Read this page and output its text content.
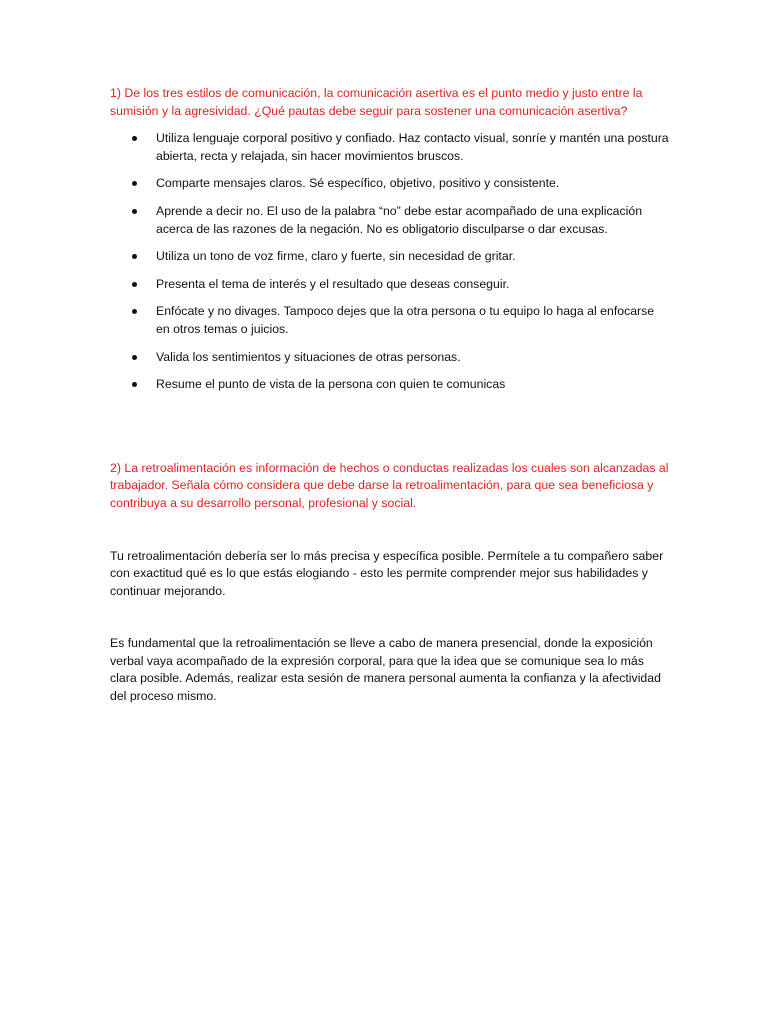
1) De los tres estilos de comunicación, la comunicación asertiva es el punto medio y justo entre la sumisión y la agresividad. ¿Qué pautas debe seguir para sostener una comunicación asertiva?

Utiliza lenguaje corporal positivo y confiado. Haz contacto visual, sonríe y mantén una postura abierta, recta y relajada, sin hacer movimientos bruscos.
Comparte mensajes claros. Sé específico, objetivo, positivo y consistente.
Aprende a decir no. El uso de la palabra “no” debe estar acompañado de una explicación acerca de las razones de la negación. No es obligatorio disculparse o dar excusas.
Utiliza un tono de voz firme, claro y fuerte, sin necesidad de gritar.
Presenta el tema de interés y el resultado que deseas conseguir.
Enfócate y no divages. Tampoco dejes que la otra persona o tu equipo lo haga al enfocarse en otros temas o juicios.
Valida los sentimientos y situaciones de otras personas.
Resume el punto de vista de la persona con quien te comunicas

2) La retroalimentación es información de hechos o conductas realizadas los cuales son alcanzadas al trabajador. Señala cómo considera que debe darse la retroalimentación, para que sea beneficiosa y contribuya a su desarrollo personal, profesional y social.

Tu retroalimentación debería ser lo más precisa y específica posible. Permítele a tu compañero saber con exactitud qué es lo que estás elogiando - esto les permite comprender mejor sus habilidades y continuar mejorando.

Es fundamental que la retroalimentación se lleve a cabo de manera presencial, donde la exposición verbal vaya acompañado de la expresión corporal, para que la idea que se comunique sea lo más clara posible. Además, realizar esta sesión de manera personal aumenta la confianza y la afectividad del proceso mismo.
